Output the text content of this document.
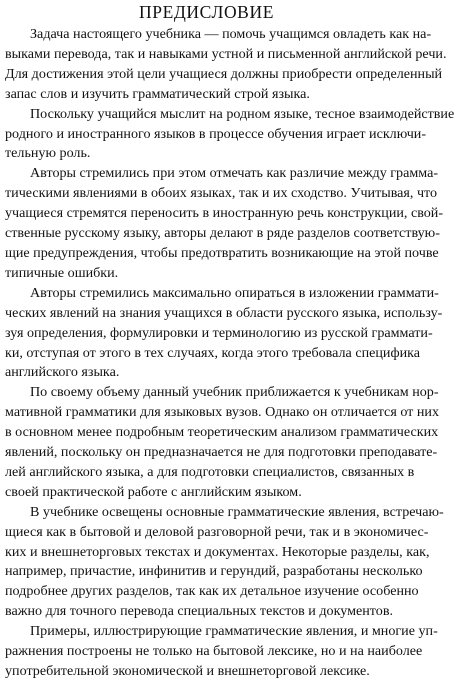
ПРЕДИСЛОВИЕ

Задача настоящего учебника — помочь учащимся овладеть как на-
выками перевода, так и навыками устной и письменной английской речи.
Для достижения этой цели учащиеся должны приобрести определенный
запас слов и изучить грамматический строй языка.

Поскольку учащийся мыслит на родном языке, тесное взаимодействие
родного и иностранного языков в процессе обучения играет исключи-
тельную роль.

Авторы стремились при этом отмечать как различие между грамма-
тическими явлениями в обоих языках, так и их сходство. Учитывая, что
учащиеся стремятся переносить в иностранную речь конструкции, свой-
ственные русскому языку, авторы делают в ряде разделов соответствую-
щие предупреждения, чтобы предотвратить возникающие на этой почве
типичные ошибки.

Авторы стремились максимально опираться в изложении граммати-
ческих явлений на знания учащихся в области русского языка, использу-
зуя определения, формулировки и терминологию из русской граммати-
ки, отступая от этого в тех случаях, когда этого требовала специфика
английского языка.

По своему объему данный учебник приближается к учебникам нор-
мативной грамматики для языковых вузов. Однако он отличается от них
в основном менее подробным теоретическим анализом грамматических
явлений, поскольку он предназначается не для подготовки преподавате-
лей английского языка, а для подготовки специалистов, связанных в
своей практической работе с английским языком.

В учебнике освещены основные грамматические явления, встречаю-
щиеся как в бытовой и деловой разговорной речи, так и в экономичес-
ких и внешнеторговых текстах и документах. Некоторые разделы, как,
например, причастие, инфинитив и герундий, разработаны несколько
подробнее других разделов, так как их детальное изучение особенно
важно для точного перевода специальных текстов и документов.

Примеры, иллюстрирующие грамматические явления, и многие уп-
ражнения построены не только на бытовой лексике, но и на наиболее
употребительной экономической и внешнеторговой лексике.
